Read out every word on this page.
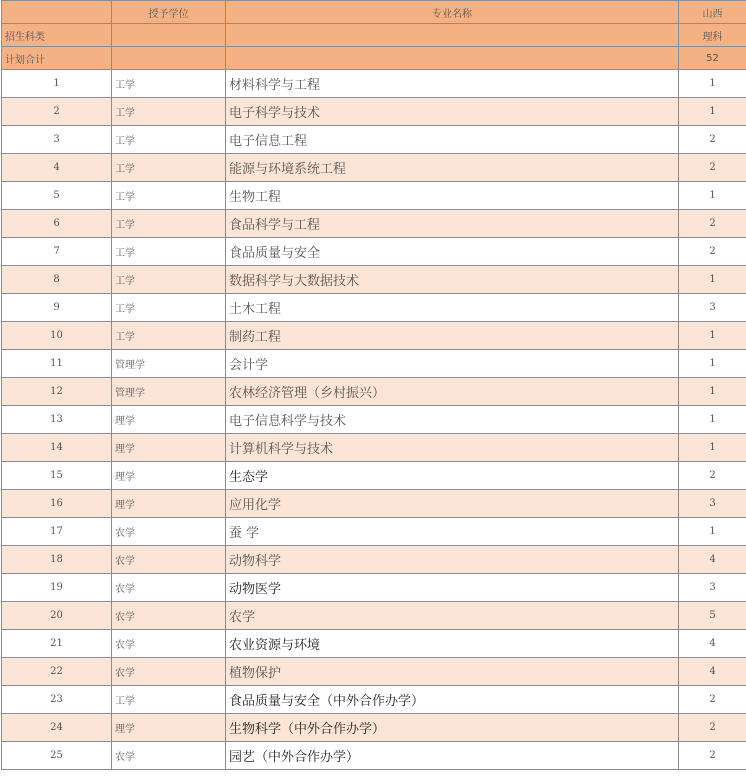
	授予学位	专业名称	山西
招生科类			理科
计划合计			52
1	工学	材料科学与工程	1
2	工学	电子科学与技术	1
3	工学	电子信息工程	2
4	工学	能源与环境系统工程	2
5	工学	生物工程	1
6	工学	食品科学与工程	2
7	工学	食品质量与安全	2
8	工学	数据科学与大数据技术	1
9	工学	土木工程	3
10	工学	制药工程	1
11	管理学	会计学	1
12	管理学	农林经济管理（乡村振兴）	1
13	理学	电子信息科学与技术	1
14	理学	计算机科学与技术	1
15	理学	生态学	2
16	理学	应用化学	3
17	农学	蚕 学	1
18	农学	动物科学	4
19	农学	动物医学	3
20	农学	农学	5
21	农学	农业资源与环境	4
22	农学	植物保护	4
23	工学	食品质量与安全（中外合作办学）	2
24	理学	生物科学（中外合作办学）	2
25	农学	园艺（中外合作办学）	2
